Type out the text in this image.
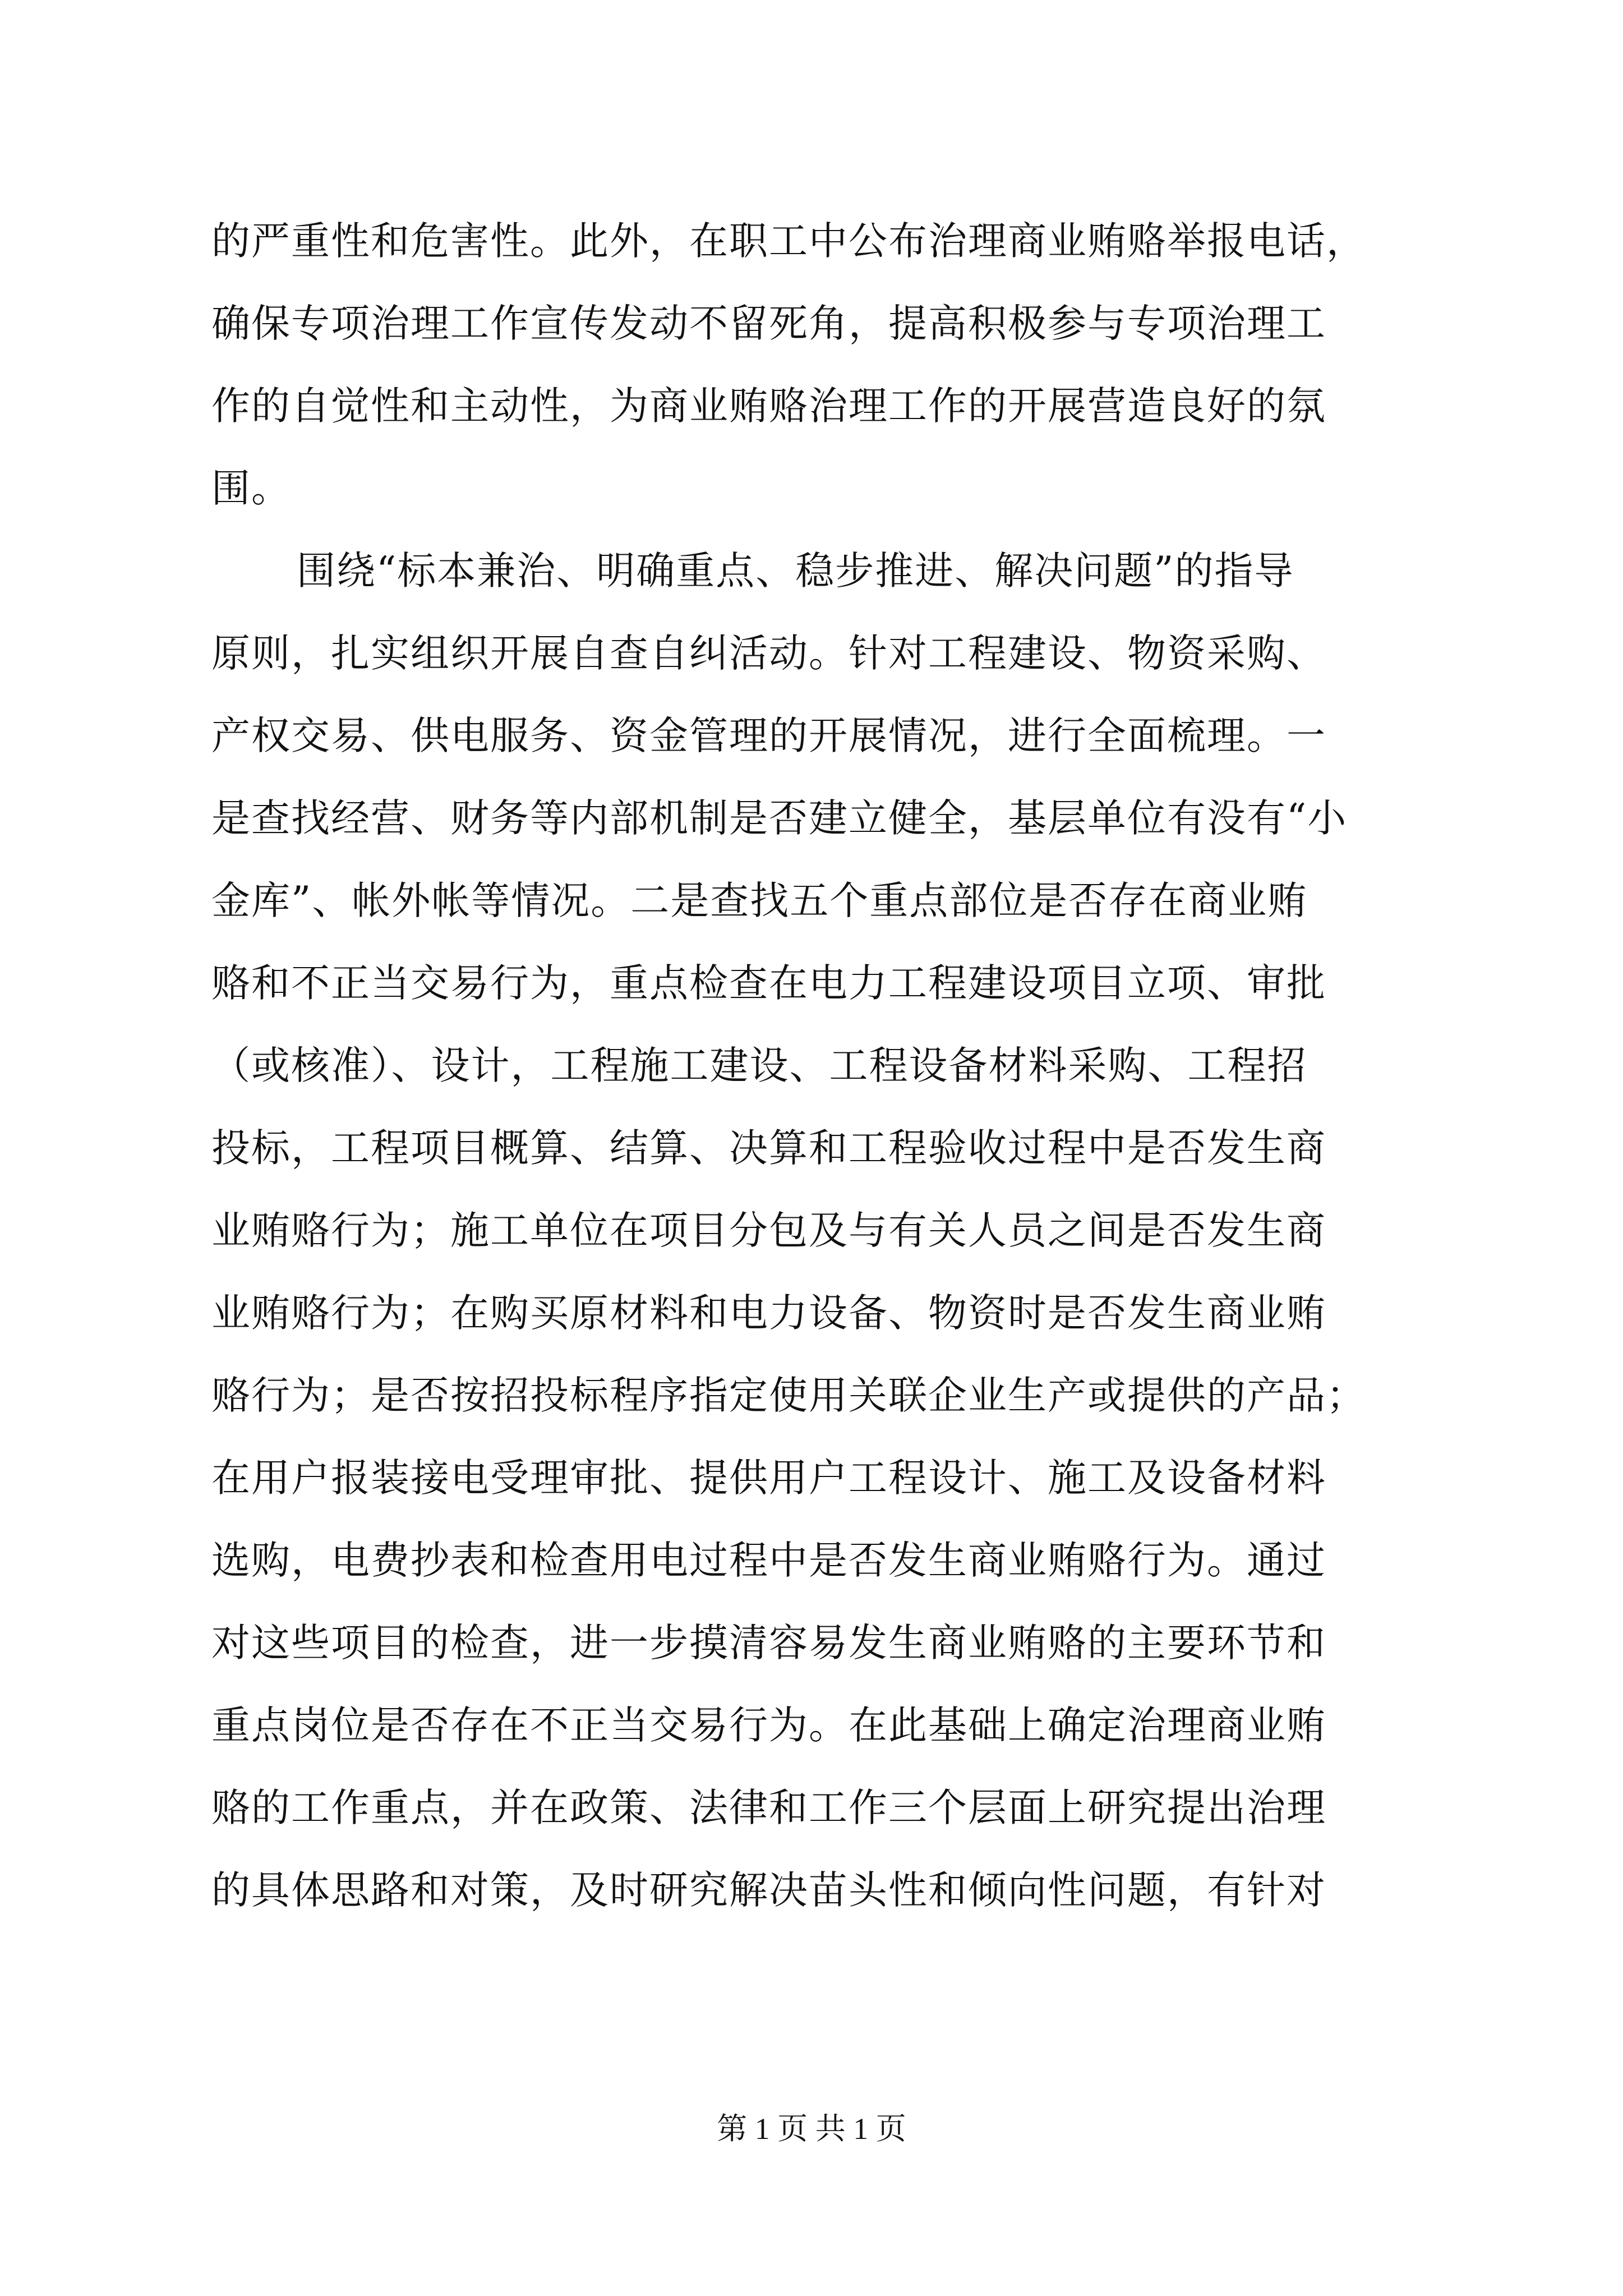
的严重性和危害性。此外，在职工中公布治理商业贿赂举报电话，
确保专项治理工作宣传发动不留死角，提高积极参与专项治理工
作的自觉性和主动性，为商业贿赂治理工作的开展营造良好的氛
围。
围绕“标本兼治、明确重点、稳步推进、解决问题”的指导
原则，扎实组织开展自查自纠活动。针对工程建设、物资采购、
产权交易、供电服务、资金管理的开展情况，进行全面梳理。一
是查找经营、财务等内部机制是否建立健全，基层单位有没有“小
金库”、帐外帐等情况。二是查找五个重点部位是否存在商业贿
赂和不正当交易行为，重点检查在电力工程建设项目立项、审批
（或核准）、设计，工程施工建设、工程设备材料采购、工程招
投标，工程项目概算、结算、决算和工程验收过程中是否发生商
业贿赂行为；施工单位在项目分包及与有关人员之间是否发生商
业贿赂行为；在购买原材料和电力设备、物资时是否发生商业贿
赂行为；是否按招投标程序指定使用关联企业生产或提供的产品；
在用户报装接电受理审批、提供用户工程设计、施工及设备材料
选购，电费抄表和检查用电过程中是否发生商业贿赂行为。通过
对这些项目的检查，进一步摸清容易发生商业贿赂的主要环节和
重点岗位是否存在不正当交易行为。在此基础上确定治理商业贿
赂的工作重点，并在政策、法律和工作三个层面上研究提出治理
的具体思路和对策，及时研究解决苗头性和倾向性问题，有针对
第 1 页 共 1 页
